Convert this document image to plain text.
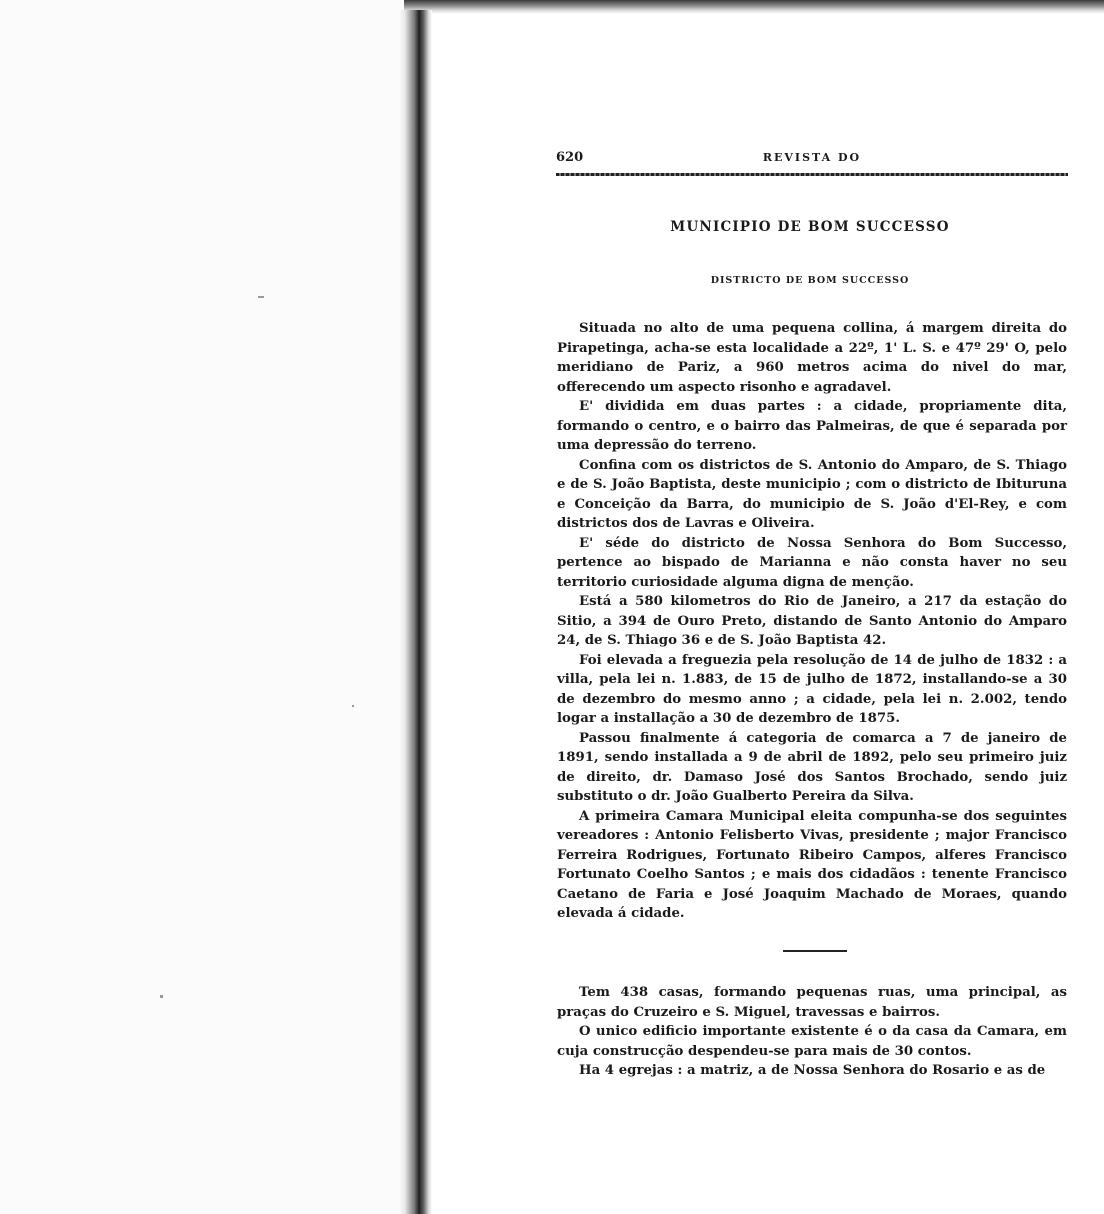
620	REVISTA DO
MUNICIPIO DE BOM SUCCESSO
DISTRICTO DE BOM SUCCESSO

Situada no alto de uma pequena collina, á margem direita do Pirapetinga, acha-se esta localidade a 22º, 1' L. S. e 47º 29' O, pelo meridiano de Pariz, a 960 metros acima do nivel do mar, offerecendo um aspecto risonho e agradavel.

E' dividida em duas partes : a cidade, propriamente dita, formando o centro, e o bairro das Palmeiras, de que é separada por uma depressão do terreno.

Confina com os districtos de S. Antonio do Amparo, de S. Thiago e de S. João Baptista, deste municipio ; com o districto de Ibituruna e Conceição da Barra, do municipio de S. João d'El-Rey, e com districtos dos de Lavras e Oliveira.

E' séde do districto de Nossa Senhora do Bom Successo, pertence ao bispado de Marianna e não consta haver no seu territorio curiosidade alguma digna de menção.

Está a 580 kilometros do Rio de Janeiro, a 217 da estação do Sitio, a 394 de Ouro Preto, distando de Santo Antonio do Amparo 24, de S. Thiago 36 e de S. João Baptista 42.

Foi elevada a freguezia pela resolução de 14 de julho de 1832 : a villa, pela lei n. 1.883, de 15 de julho de 1872, installando-se a 30 de dezembro do mesmo anno ; a cidade, pela lei n. 2.002, tendo logar a installação a 30 de dezembro de 1875.

Passou finalmente á categoria de comarca a 7 de janeiro de 1891, sendo installada a 9 de abril de 1892, pelo seu primeiro juiz de direito, dr. Damaso José dos Santos Brochado, sendo juiz substituto o dr. João Gualberto Pereira da Silva.

A primeira Camara Municipal eleita compunha-se dos seguintes vereadores : Antonio Felisberto Vivas, presidente ; major Francisco Ferreira Rodrigues, Fortunato Ribeiro Campos, alferes Francisco Fortunato Coelho Santos ; e mais dos cidadãos : tenente Francisco Caetano de Faria e José Joaquim Machado de Moraes, quando elevada á cidade.

Tem 438 casas, formando pequenas ruas, uma principal, as praças do Cruzeiro e S. Miguel, travessas e bairros.

O unico edificio importante existente é o da casa da Camara, em cuja construcção despendeu-se para mais de 30 contos.

Ha 4 egrejas : a matriz, a de Nossa Senhora do Rosario e as de
